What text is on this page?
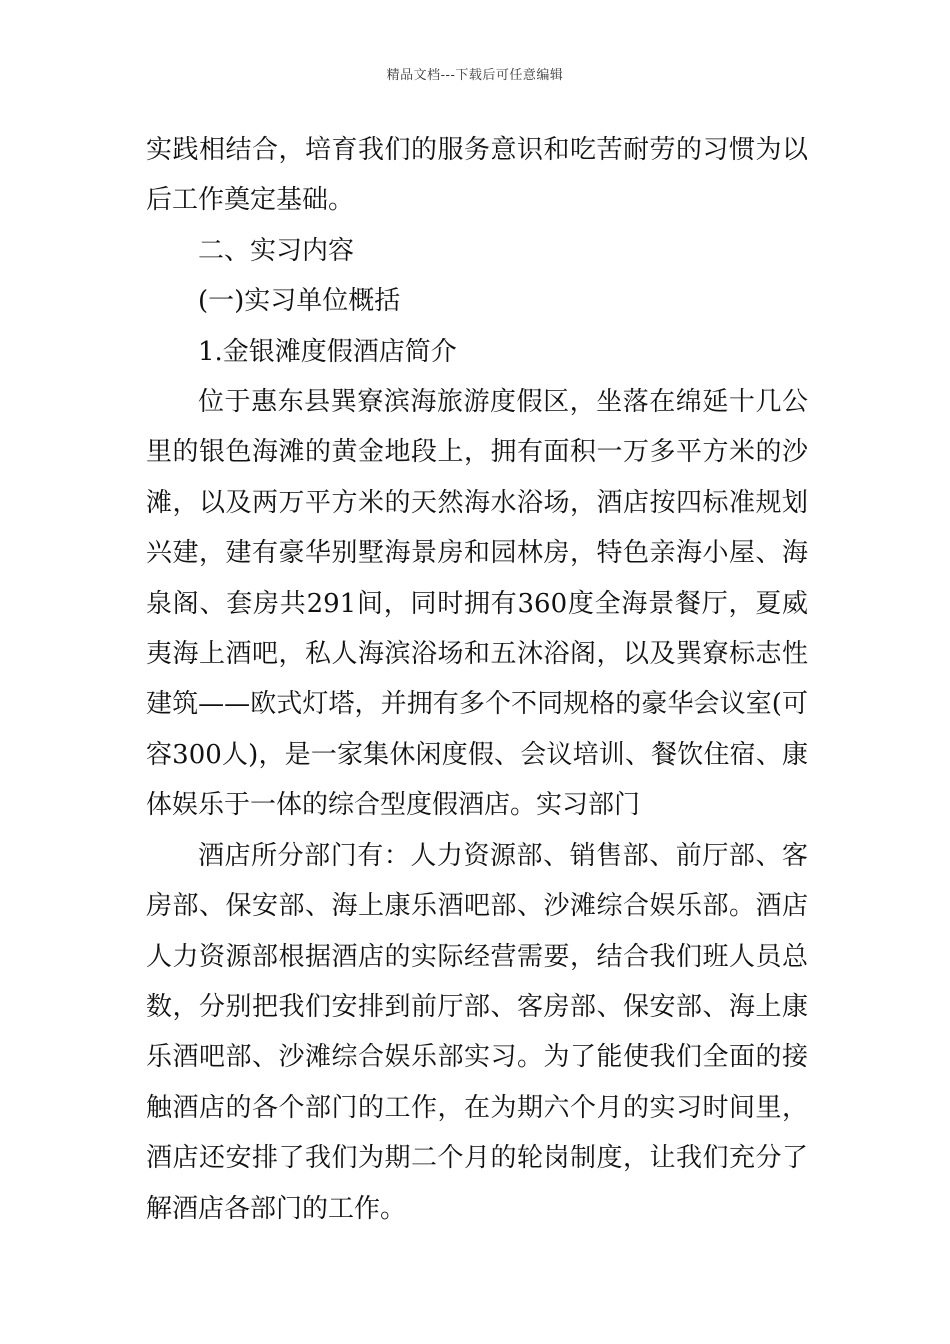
精品文档---下载后可任意编辑

实践相结合，培育我们的服务意识和吃苦耐劳的习惯为以后工作奠定基础。

二、实习内容

(一)实习单位概括

1.金银滩度假酒店简介

位于惠东县巽寮滨海旅游度假区，坐落在绵延十几公里的银色海滩的黄金地段上，拥有面积一万多平方米的沙滩，以及两万平方米的天然海水浴场，酒店按四标准规划兴建，建有豪华别墅海景房和园林房，特色亲海小屋、海泉阁、套房共291间，同时拥有360度全海景餐厅，夏威夷海上酒吧，私人海滨浴场和五沐浴阁，以及巽寮标志性建筑——欧式灯塔，并拥有多个不同规格的豪华会议室(可容300人)，是一家集休闲度假、会议培训、餐饮住宿、康体娱乐于一体的综合型度假酒店。实习部门

酒店所分部门有：人力资源部、销售部、前厅部、客房部、保安部、海上康乐酒吧部、沙滩综合娱乐部。酒店人力资源部根据酒店的实际经营需要，结合我们班人员总数，分别把我们安排到前厅部、客房部、保安部、海上康乐酒吧部、沙滩综合娱乐部实习。为了能使我们全面的接触酒店的各个部门的工作，在为期六个月的实习时间里，酒店还安排了我们为期二个月的轮岗制度，让我们充分了解酒店各部门的工作。
